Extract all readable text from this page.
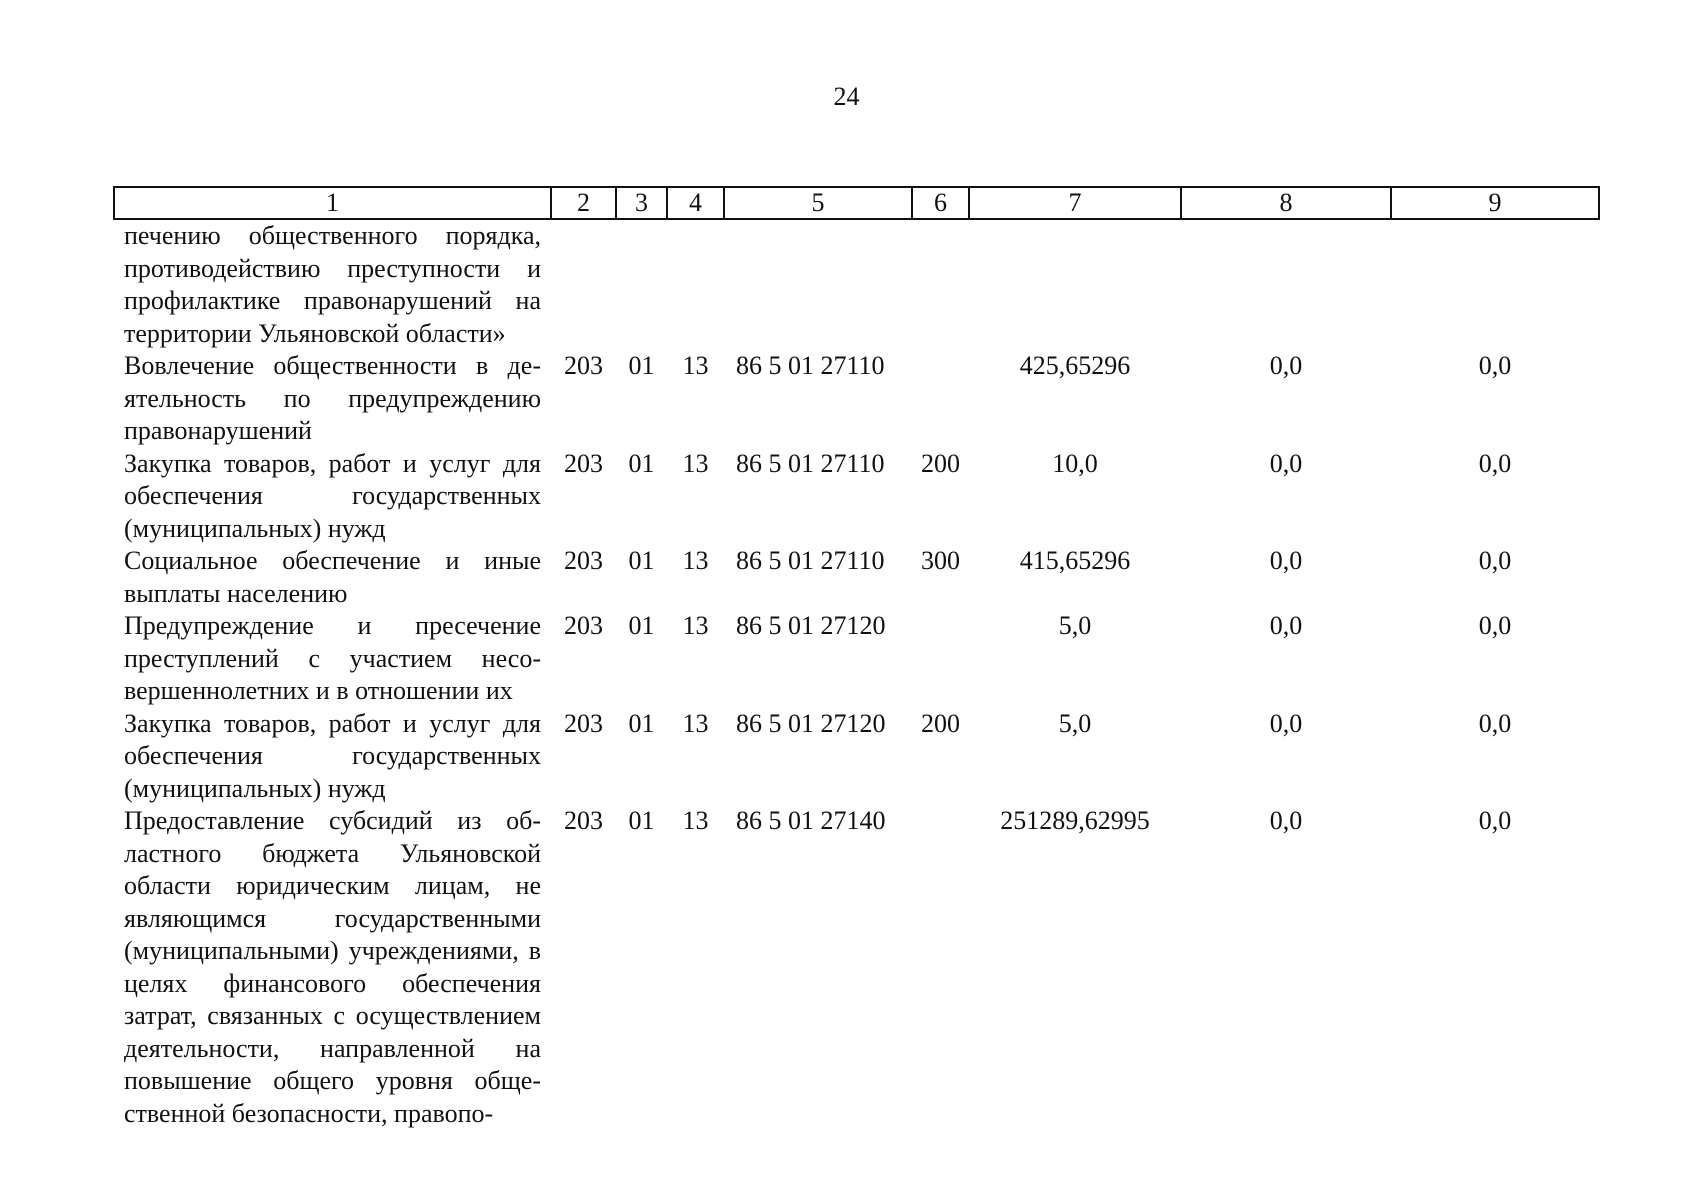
24
1	2	3	4	5	6	7	8	9
печению общественного порядка, противодействию преступности и профилактике правонарушений на территории Ульяновской области»								
Вовлечение общественности в деятельность по предупреждению правонарушений	203	01	13	86 5 01 27110		425,65296	0,0	0,0
Закупка товаров, работ и услуг для обеспечения государственных (муниципальных) нужд	203	01	13	86 5 01 27110	200	10,0	0,0	0,0
Социальное обеспечение и иные выплаты населению	203	01	13	86 5 01 27110	300	415,65296	0,0	0,0
Предупреждение и пресечение преступлений с участием несовершеннолетних и в отношении их	203	01	13	86 5 01 27120		5,0	0,0	0,0
Закупка товаров, работ и услуг для обеспечения государственных (муниципальных) нужд	203	01	13	86 5 01 27120	200	5,0	0,0	0,0
Предоставление субсидий из областного бюджета Ульяновской области юридическим лицам, не являющимся государственными (муниципальными) учреждениями, в целях финансового обеспечения затрат, связанных с осуществлением деятельности, направленной на повышение общего уровня общественной безопасности, правопо-	203	01	13	86 5 01 27140		251289,62995	0,0	0,0
